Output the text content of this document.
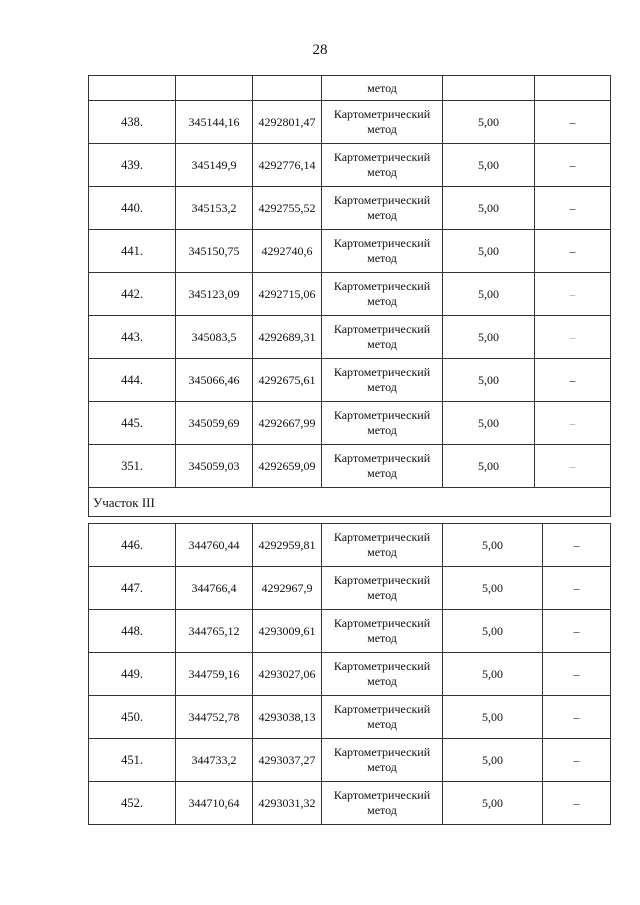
28
			метод		
438.	345144,16	4292801,47	Картометрический
метод	5,00	–
439.	345149,9	4292776,14	Картометрический
метод	5,00	–
440.	345153,2	4292755,52	Картометрический
метод	5,00	–
441.	345150,75	4292740,6	Картометрический
метод	5,00	–
442.	345123,09	4292715,06	Картометрический
метод	5,00	–
443.	345083,5	4292689,31	Картометрический
метод	5,00	–
444.	345066,46	4292675,61	Картометрический
метод	5,00	–
445.	345059,69	4292667,99	Картометрический
метод	5,00	–
351.	345059,03	4292659,09	Картометрический
метод	5,00	–
Участок III					
446.	344760,44	4292959,81	Картометрический
метод	5,00	–
447.	344766,4	4292967,9	Картометрический
метод	5,00	–
448.	344765,12	4293009,61	Картометрический
метод	5,00	–
449.	344759,16	4293027,06	Картометрический
метод	5,00	–
450.	344752,78	4293038,13	Картометрический
метод	5,00	–
451.	344733,2	4293037,27	Картометрический
метод	5,00	–
452.	344710,64	4293031,32	Картометрический
метод	5,00	–
